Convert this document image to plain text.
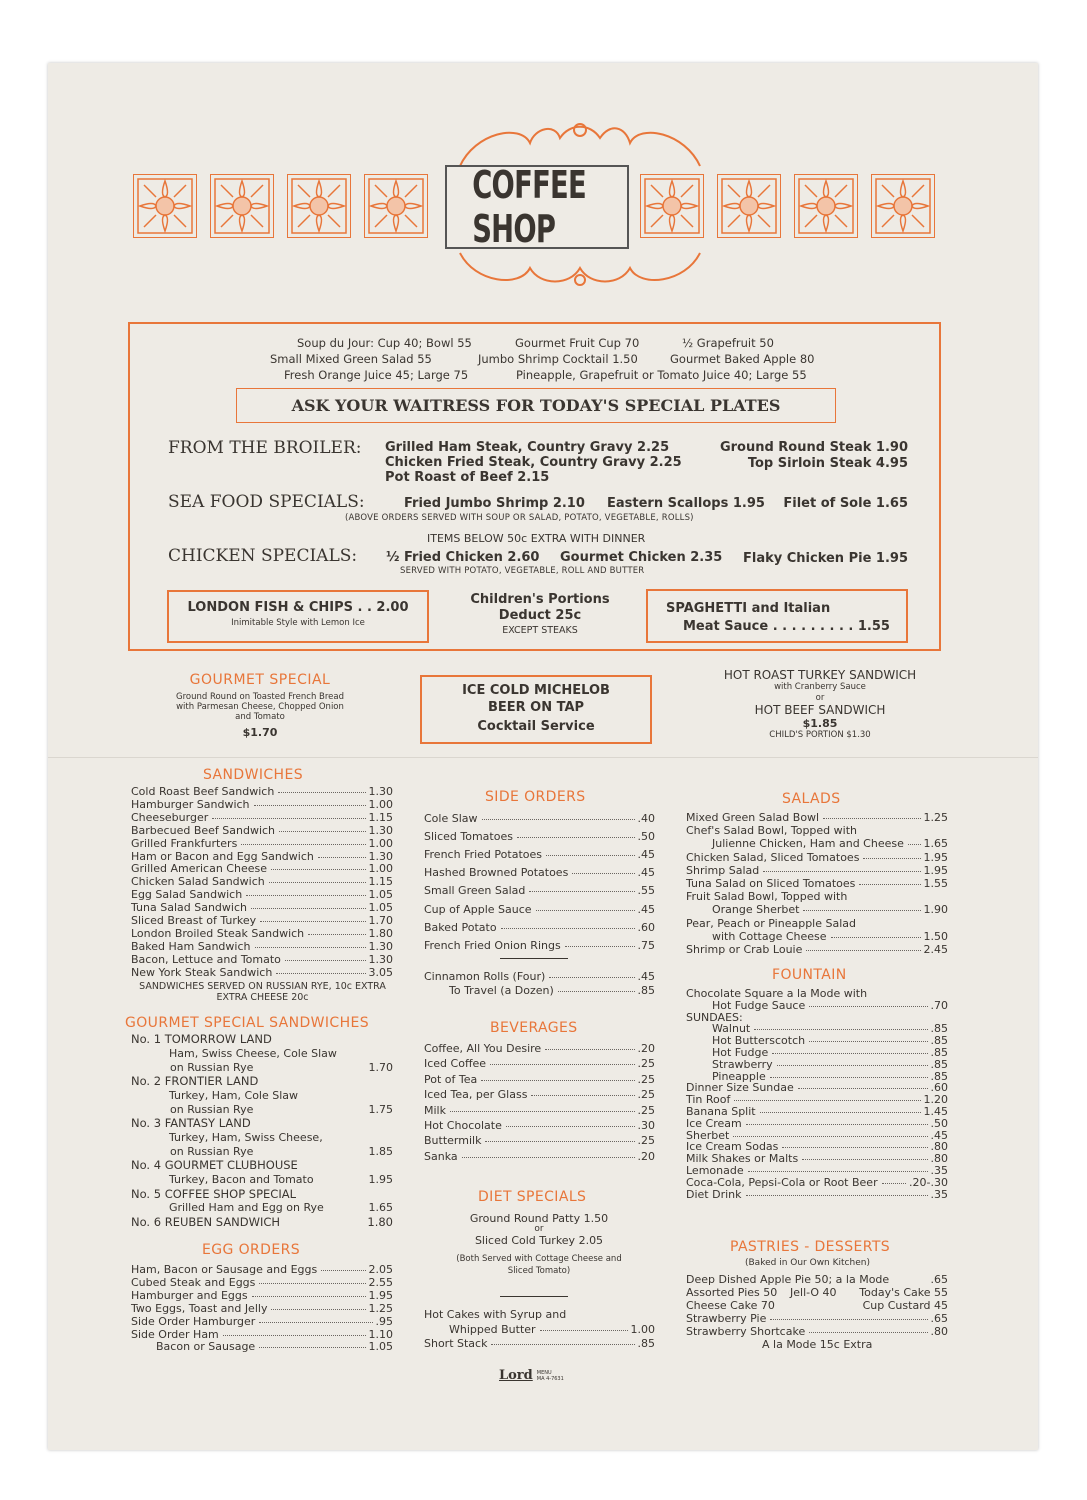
COFFEE SHOP
Soup du Jour: Cup 40; Bowl 55	Gourmet Fruit Cup 70	½ Grapefruit 50
Small Mixed Green Salad 55	Jumbo Shrimp Cocktail 1.50	Gourmet Baked Apple 80
Fresh Orange Juice 45; Large 75	Pineapple, Grapefruit or Tomato Juice 40; Large 55
ASK YOUR WAITRESS FOR TODAY'S SPECIAL PLATES
FROM THE BROILER: Grilled Ham Steak, Country Gravy 2.25
Chicken Fried Steak, Country Gravy 2.25
Pot Roast of Beef 2.15
Ground Round Steak 1.90
Top Sirloin Steak 4.95
SEA FOOD SPECIALS:	Fried Jumbo Shrimp 2.10 Eastern Scallops 1.95 Filet of Sole 1.65
(ABOVE ORDERS SERVED WITH SOUP OR SALAD, POTATO, VEGETABLE, ROLLS)
ITEMS BELOW 50c EXTRA WITH DINNER
CHICKEN SPECIALS: ½ Fried Chicken 2.60 Gourmet Chicken 2.35 Flaky Chicken Pie 1.95
SERVED WITH POTATO, VEGETABLE, ROLL AND BUTTER
LONDON FISH & CHIPS . . 2.00
Inimitable Style with Lemon Ice
Children's Portions
Deduct 25c
EXCEPT STEAKS
SPAGHETTI and Italian
Meat Sauce . . . . . . . . . 1.55
GOURMET SPECIAL
Ground Round on Toasted French Bread
with Parmesan Cheese, Chopped Onion
and Tomato
$1.70
ICE COLD MICHELOB
BEER ON TAP
Cocktail Service
HOT ROAST TURKEY SANDWICH
with Cranberry Sauce
or
HOT BEEF SANDWICH
$1.85
CHILD'S PORTION $1.30
SANDWICHES
Cold Roast Beef Sandwich	1.30
Hamburger Sandwich	1.00
Cheeseburger	1.15
Barbecued Beef Sandwich	1.30
Grilled Frankfurters	1.00
Ham or Bacon and Egg Sandwich	1.30
Grilled American Cheese	1.00
Chicken Salad Sandwich	1.15
Egg Salad Sandwich	1.05
Tuna Salad Sandwich	1.05
Sliced Breast of Turkey	1.70
London Broiled Steak Sandwich	1.80
Baked Ham Sandwich	1.30
Bacon, Lettuce and Tomato	1.30
New York Steak Sandwich	3.05
SANDWICHES SERVED ON RUSSIAN RYE, 10c EXTRA
EXTRA CHEESE 20c
GOURMET SPECIAL SANDWICHES
No. 1 TOMORROW LAND
Ham, Swiss Cheese, Cole Slaw
on Russian Rye	1.70
No. 2 FRONTIER LAND
Turkey, Ham, Cole Slaw
on Russian Rye	1.75
No. 3 FANTASY LAND
Turkey, Ham, Swiss Cheese,
on Russian Rye	1.85
No. 4 GOURMET CLUBHOUSE
Turkey, Bacon and Tomato	1.95
No. 5 COFFEE SHOP SPECIAL
Grilled Ham and Egg on Rye	1.65
No. 6 REUBEN SANDWICH	1.80
EGG ORDERS
Ham, Bacon or Sausage and Eggs	2.05
Cubed Steak and Eggs	2.55
Hamburger and Eggs	1.95
Two Eggs, Toast and Jelly	1.25
Side Order Hamburger	.95
Side Order Ham	1.10
Bacon or Sausage	1.05
SIDE ORDERS
Cole Slaw	.40
Sliced Tomatoes	.50
French Fried Potatoes	.45
Hashed Browned Potatoes	.45
Small Green Salad	.55
Cup of Apple Sauce	.45
Baked Potato	.60
French Fried Onion Rings	.75
Cinnamon Rolls (Four)	.45
To Travel (a Dozen)	.85
BEVERAGES
Coffee, All You Desire	.20
Iced Coffee	.25
Pot of Tea	.25
Iced Tea, per Glass	.25
Milk	.25
Hot Chocolate	.30
Buttermilk	.25
Sanka	.20
DIET SPECIALS
Ground Round Patty 1.50
or
Sliced Cold Turkey 2.05
(Both Served with Cottage Cheese and
Sliced Tomato)
Hot Cakes with Syrup and
Whipped Butter	1.00
Short Stack	.85
Lord MENU
MA 4-7631
SALADS
Mixed Green Salad Bowl	1.25
Chef's Salad Bowl, Topped with
Julienne Chicken, Ham and Cheese 1.65
Chicken Salad, Sliced Tomatoes	1.95
Shrimp Salad	1.95
Tuna Salad on Sliced Tomatoes	1.55
Fruit Salad Bowl, Topped with
Orange Sherbet	1.90
Pear, Peach or Pineapple Salad
with Cottage Cheese	1.50
Shrimp or Crab Louie	2.45
FOUNTAIN
Chocolate Square a la Mode with
Hot Fudge Sauce	.70
SUNDAES:
Walnut	.85
Hot Butterscotch	.85
Hot Fudge	.85
Strawberry	.85
Pineapple	.85
Dinner Size Sundae	.60
Tin Roof	1.20
Banana Split	1.45
Ice Cream	.50
Sherbet	.45
Ice Cream Sodas	.80
Milk Shakes or Malts	.80
Lemonade	.35
Coca-Cola, Pepsi-Cola or Root Beer	.20-.30
Diet Drink	.35
PASTRIES - DESSERTS
(Baked in Our Own Kitchen)
Deep Dished Apple Pie 50; a la Mode	.65
Assorted Pies 50 Jell-O 40 Today's Cake 55
Cheese Cake 70	Cup Custard 45
Strawberry Pie	.65
Strawberry Shortcake	.80
A la Mode 15c Extra
